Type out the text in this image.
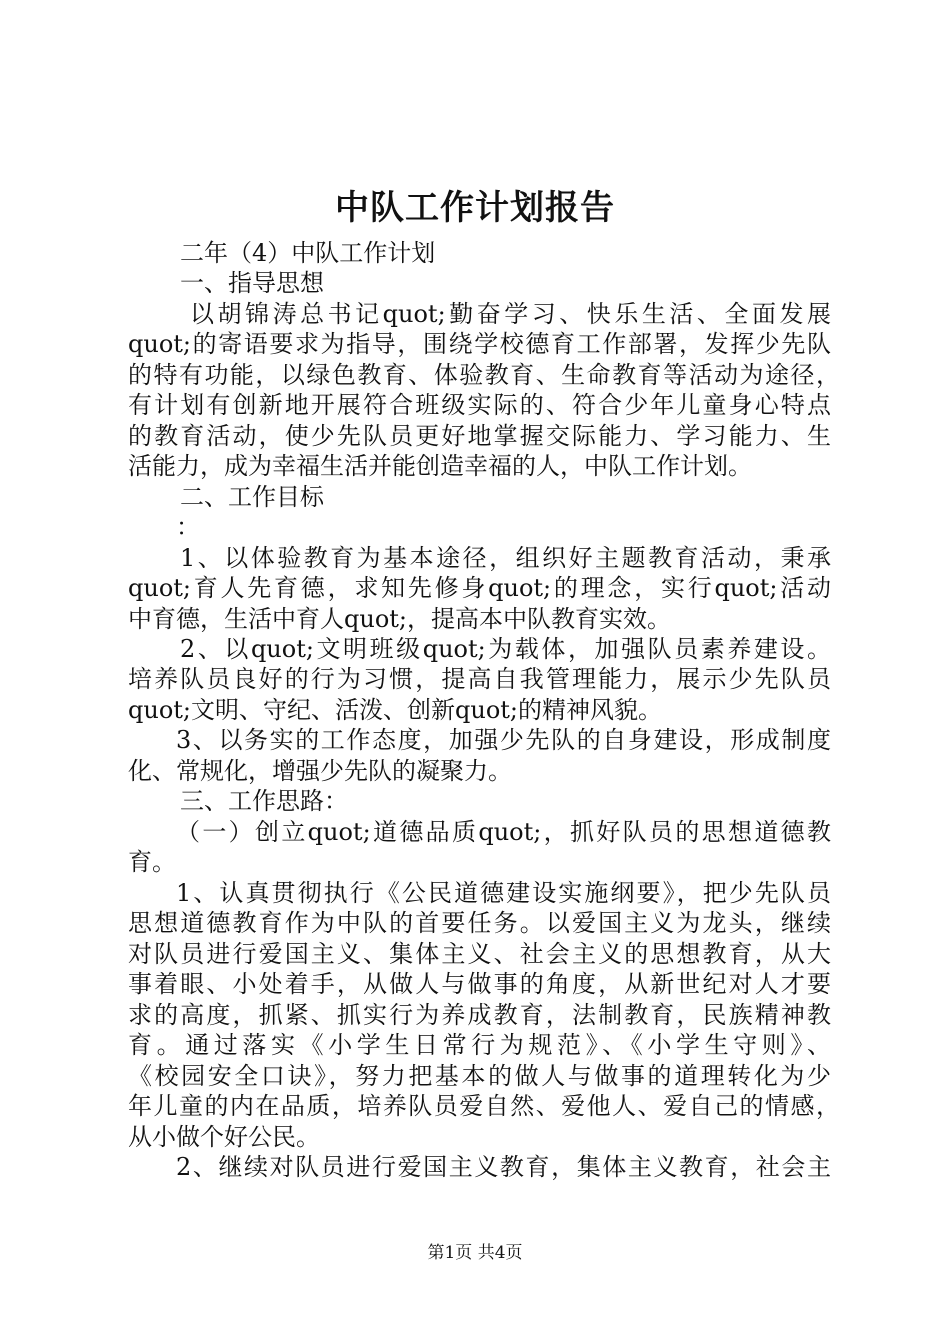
中队工作计划报告
二年（4）中队工作计划
一、指导思想
以胡锦涛总书记quot;勤奋学习、快乐生活、全面发展
quot;的寄语要求为指导，围绕学校德育工作部署，发挥少先队
的特有功能，以绿色教育、体验教育、生命教育等活动为途径，
有计划有创新地开展符合班级实际的、符合少年儿童身心特点
的教育活动，使少先队员更好地掌握交际能力、学习能力、生
活能力，成为幸福生活并能创造幸福的人，中队工作计划。
二、工作目标
：
1、以体验教育为基本途径，组织好主题教育活动，秉承
quot;育人先育德，求知先修身quot;的理念，实行quot;活动
中育德，生活中育人quot;，提高本中队教育实效。
2、以quot;文明班级quot;为载体，加强队员素养建设。
培养队员良好的行为习惯，提高自我管理能力，展示少先队员
quot;文明、守纪、活泼、创新quot;的精神风貌。
3、以务实的工作态度，加强少先队的自身建设，形成制度
化、常规化，增强少先队的凝聚力。
三、工作思路：
（一）创立quot;道德品质quot;，抓好队员的思想道德教
育。
1、认真贯彻执行《公民道德建设实施纲要》，把少先队员
思想道德教育作为中队的首要任务。以爱国主义为龙头，继续
对队员进行爱国主义、集体主义、社会主义的思想教育，从大
事着眼、小处着手，从做人与做事的角度，从新世纪对人才要
求的高度，抓紧、抓实行为养成教育，法制教育，民族精神教
育。通过落实《小学生日常行为规范》、《小学生守则》、
《校园安全口诀》，努力把基本的做人与做事的道理转化为少
年儿童的内在品质，培养队员爱自然、爱他人、爱自己的情感，
从小做个好公民。
2、继续对队员进行爱国主义教育，集体主义教育，社会主
第1页 共4页
